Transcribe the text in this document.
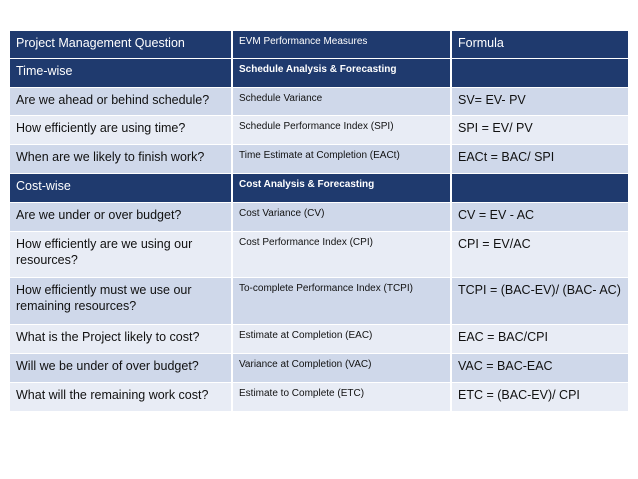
Project Management Question	EVM Performance Measures	Formula
Time-wise	Schedule Analysis & Forecasting	
Are we ahead or behind schedule?	Schedule Variance	SV= EV- PV
How efficiently are using time?	Schedule Performance Index (SPI)	SPI = EV/ PV
When are we likely to finish work?	Time Estimate at Completion (EACt)	EACt = BAC/ SPI
Cost-wise	Cost Analysis & Forecasting	
Are we under or over budget?	Cost Variance (CV)	CV = EV - AC
How efficiently are we using our resources?	Cost Performance Index (CPI)	CPI = EV/AC
How efficiently must we use our remaining resources?	To-complete Performance Index (TCPI)	TCPI = (BAC-EV)/ (BAC- AC)
What is the Project likely to cost?	Estimate at Completion (EAC)	EAC = BAC/CPI
Will we be under of over budget?	Variance at Completion (VAC)	VAC = BAC-EAC
What will the remaining work cost?	Estimate to Complete (ETC)	ETC = (BAC-EV)/ CPI
